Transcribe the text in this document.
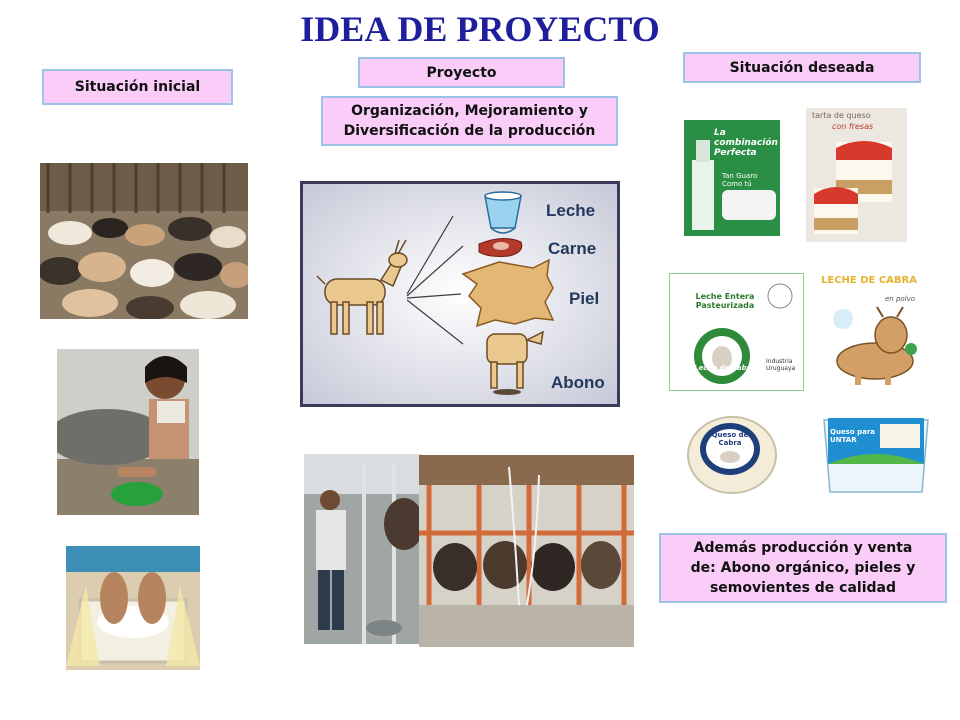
IDEA DE PROYECTO
Situación inicial
Proyecto	Situación deseada
Organización, Mejoramiento y Diversificación de la producción
Además producción y venta de: Abono orgánico, pieles y semovientes de calidad
Leche
Carne
Piel
Abono
La combinación Perfecta
Tan Guaro Como tú
tarta de queso
con fresas
Leche Entera
Pasteurizada
Industria Uruguaya
Leche de Cabra
LECHE DE CABRA
en polvo
Queso de Cabra
Queso para UNTAR
